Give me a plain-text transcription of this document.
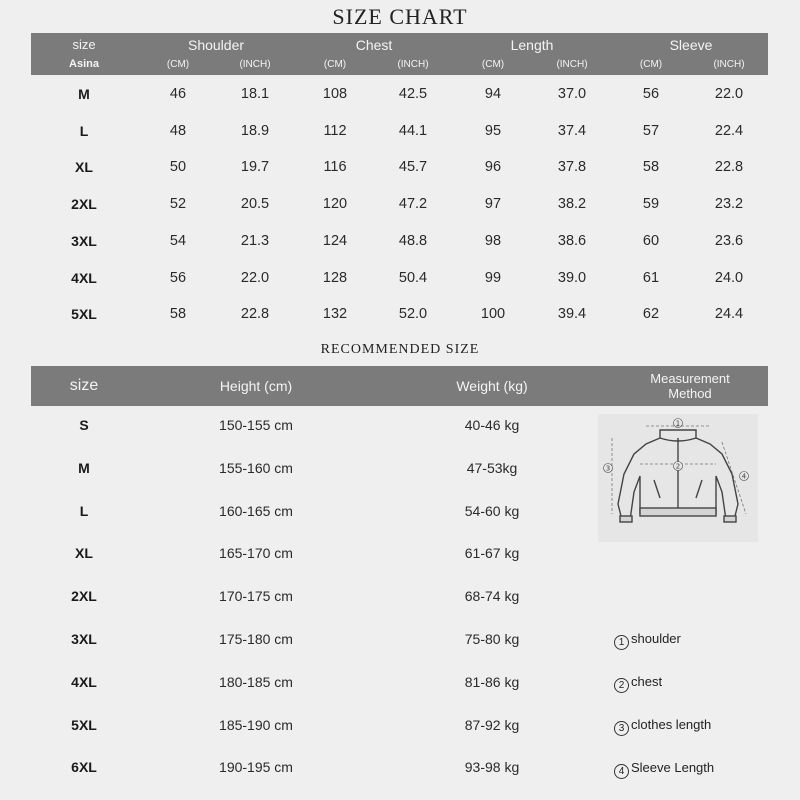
SIZE CHART
size
Asina
Shoulder	Chest	Length	Sleeve
(CM)	(INCH)	(CM)	(INCH)	(CM)	(INCH)	(CM)	(INCH)
M	46	18.1	108	42.5	94	37.0	56	22.0
L	48	18.9	112	44.1	95	37.4	57	22.4
XL	50	19.7	116	45.7	96	37.8	58	22.8
2XL	52	20.5	120	47.2	97	38.2	59	23.2
3XL	54	21.3	124	48.8	98	38.6	60	23.6
4XL	56	22.0	128	50.4	99	39.0	61	24.0
5XL	58	22.8	132	52.0	100	39.4	62	24.4
RECOMMENDED SIZE
size	Height (cm)	Weight (kg)	Measurement
Method
S	150-155 cm	40-46 kg
M	155-160 cm	47-53kg
L	160-165 cm	54-60 kg
XL	165-170 cm	61-67 kg
2XL	170-175 cm	68-74 kg
3XL	175-180 cm	75-80 kg
4XL	180-185 cm	81-86 kg
5XL	185-190 cm	87-92 kg
6XL	190-195 cm	93-98 kg
1
2
3
4
1 shoulder
2 chest
3 clothes length
4 Sleeve Length
